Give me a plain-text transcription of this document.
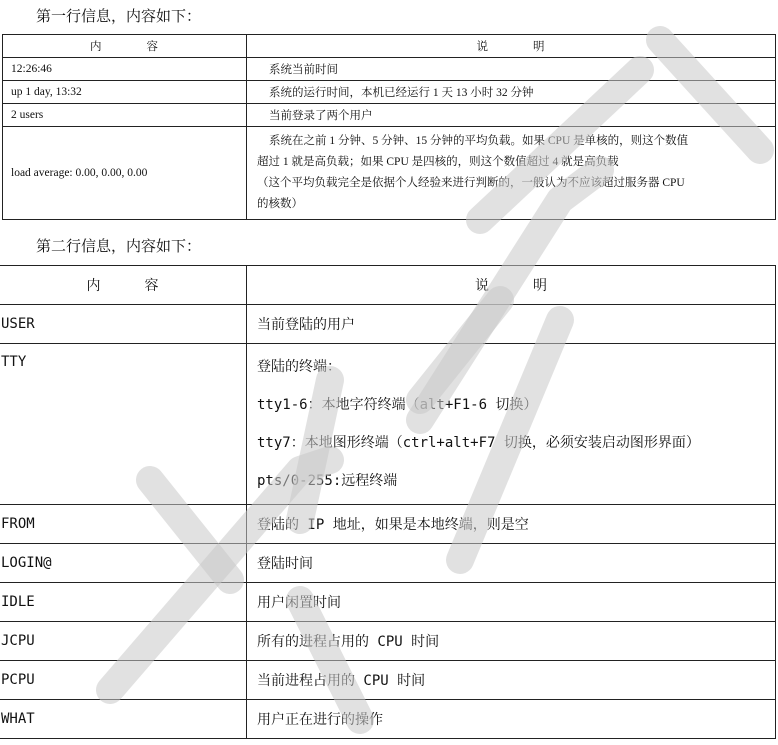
第一行信息，内容如下：
内 容	说 明
12:26:46	系统当前时间
up 1 day, 13:32	系统的运行时间，本机已经运行 1 天 13 小时 32 分钟
2 users	当前登录了两个用户
load average: 0.00, 0.00, 0.00	系统在之前 1 分钟、5 分钟、15 分钟的平均负载。如果 CPU 是单核的，则这个数值
超过 1 就是高负载；如果 CPU 是四核的，则这个数值超过 4 就是高负载
（这个平均负载完全是依据个人经验来进行判断的，一般认为不应该超过服务器 CPU
的核数）
第二行信息，内容如下：
内 容	说 明
USER	当前登陆的用户
TTY	登陆的终端：
tty1-6：本地字符终端（alt+F1-6 切换）
tty7：本地图形终端（ctrl+alt+F7 切换，必须安装启动图形界面）
pts/0-255:远程终端

FROM	登陆的 IP 地址，如果是本地终端，则是空
LOGIN@	登陆时间
IDLE	用户闲置时间
JCPU	所有的进程占用的 CPU 时间
PCPU	当前进程占用的 CPU 时间
WHAT	用户正在进行的操作
